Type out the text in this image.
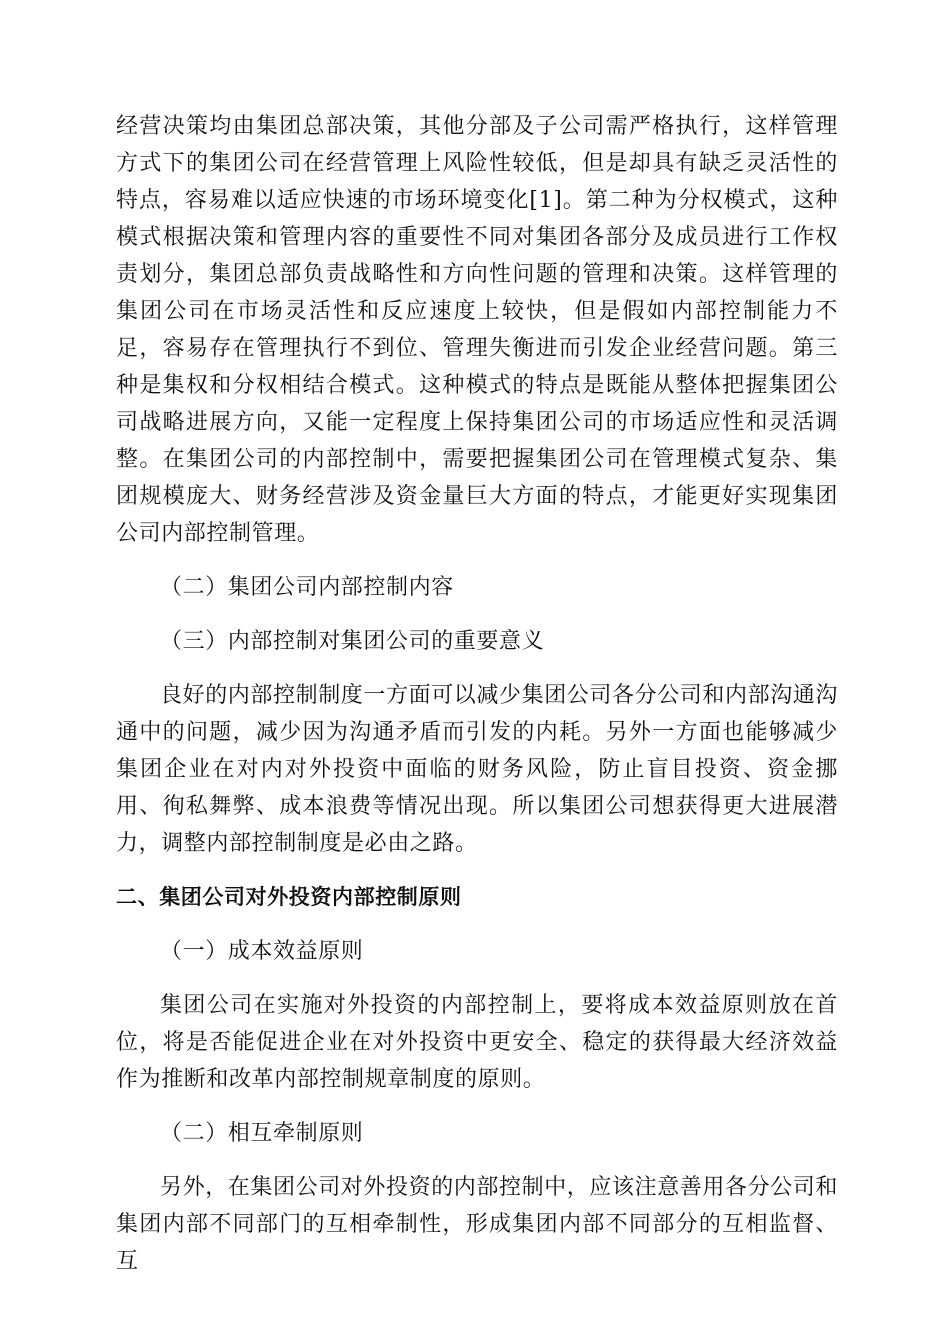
经营决策均由集团总部决策，其他分部及子公司需严格执行，这样管理方式下的集团公司在经营管理上风险性较低，但是却具有缺乏灵活性的特点，容易难以适应快速的市场环境变化[1]。第二种为分权模式，这种模式根据决策和管理内容的重要性不同对集团各部分及成员进行工作权责划分，集团总部负责战略性和方向性问题的管理和决策。这样管理的集团公司在市场灵活性和反应速度上较快，但是假如内部控制能力不足，容易存在管理执行不到位、管理失衡进而引发企业经营问题。第三种是集权和分权相结合模式。这种模式的特点是既能从整体把握集团公司战略进展方向，又能一定程度上保持集团公司的市场适应性和灵活调整。在集团公司的内部控制中，需要把握集团公司在管理模式复杂、集团规模庞大、财务经营涉及资金量巨大方面的特点，才能更好实现集团公司内部控制管理。

（二）集团公司内部控制内容

（三）内部控制对集团公司的重要意义

良好的内部控制制度一方面可以减少集团公司各分公司和内部沟通沟通中的问题，减少因为沟通矛盾而引发的内耗。另外一方面也能够减少集团企业在对内对外投资中面临的财务风险，防止盲目投资、资金挪用、徇私舞弊、成本浪费等情况出现。所以集团公司想获得更大进展潜力，调整内部控制制度是必由之路。

二、集团公司对外投资内部控制原则

（一）成本效益原则

集团公司在实施对外投资的内部控制上，要将成本效益原则放在首位，将是否能促进企业在对外投资中更安全、稳定的获得最大经济效益作为推断和改革内部控制规章制度的原则。

（二）相互牵制原则

另外，在集团公司对外投资的内部控制中，应该注意善用各分公司和集团内部不同部门的互相牵制性，形成集团内部不同部分的互相监督、互
